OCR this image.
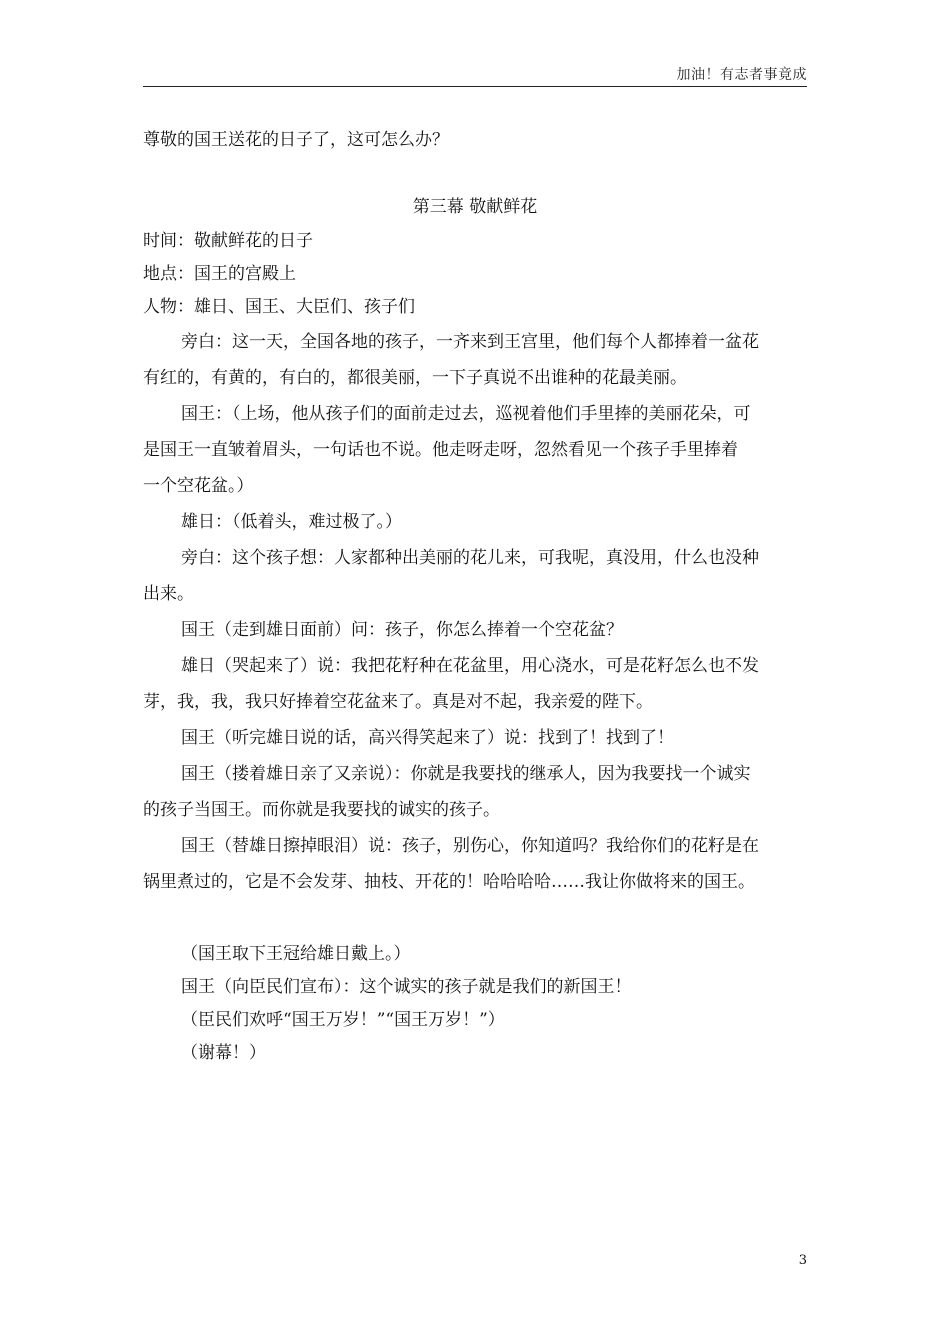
加油！有志者事竟成
尊敬的国王送花的日子了，这可怎么办？
第三幕 敬献鲜花
时间：敬献鲜花的日子
地点：国王的宫殿上
人物：雄日、国王、大臣们、孩子们
旁白：这一天，全国各地的孩子，一齐来到王宫里，他们每个人都捧着一盆花
有红的，有黄的，有白的，都很美丽，一下子真说不出谁种的花最美丽。
国王：（上场，他从孩子们的面前走过去，巡视着他们手里捧的美丽花朵，可
是国王一直皱着眉头，一句话也不说。他走呀走呀，忽然看见一个孩子手里捧着
一个空花盆。）
雄日：（低着头，难过极了。）
旁白：这个孩子想：人家都种出美丽的花儿来，可我呢，真没用，什么也没种
出来。
国王（走到雄日面前）问：孩子，你怎么捧着一个空花盆？
雄日（哭起来了）说：我把花籽种在花盆里，用心浇水，可是花籽怎么也不发
芽，我，我，我只好捧着空花盆来了。真是对不起，我亲爱的陛下。
国王（听完雄日说的话，高兴得笑起来了）说：找到了！找到了！
国王（搂着雄日亲了又亲说）：你就是我要找的继承人，因为我要找一个诚实
的孩子当国王。而你就是我要找的诚实的孩子。
国王（替雄日擦掉眼泪）说：孩子，别伤心，你知道吗？我给你们的花籽是在
锅里煮过的，它是不会发芽、抽枝、开花的！哈哈哈哈……我让你做将来的国王。
（国王取下王冠给雄日戴上。）
国王（向臣民们宣布）：这个诚实的孩子就是我们的新国王！
（臣民们欢呼“国王万岁！”“国王万岁！”）
（谢幕！）
3
